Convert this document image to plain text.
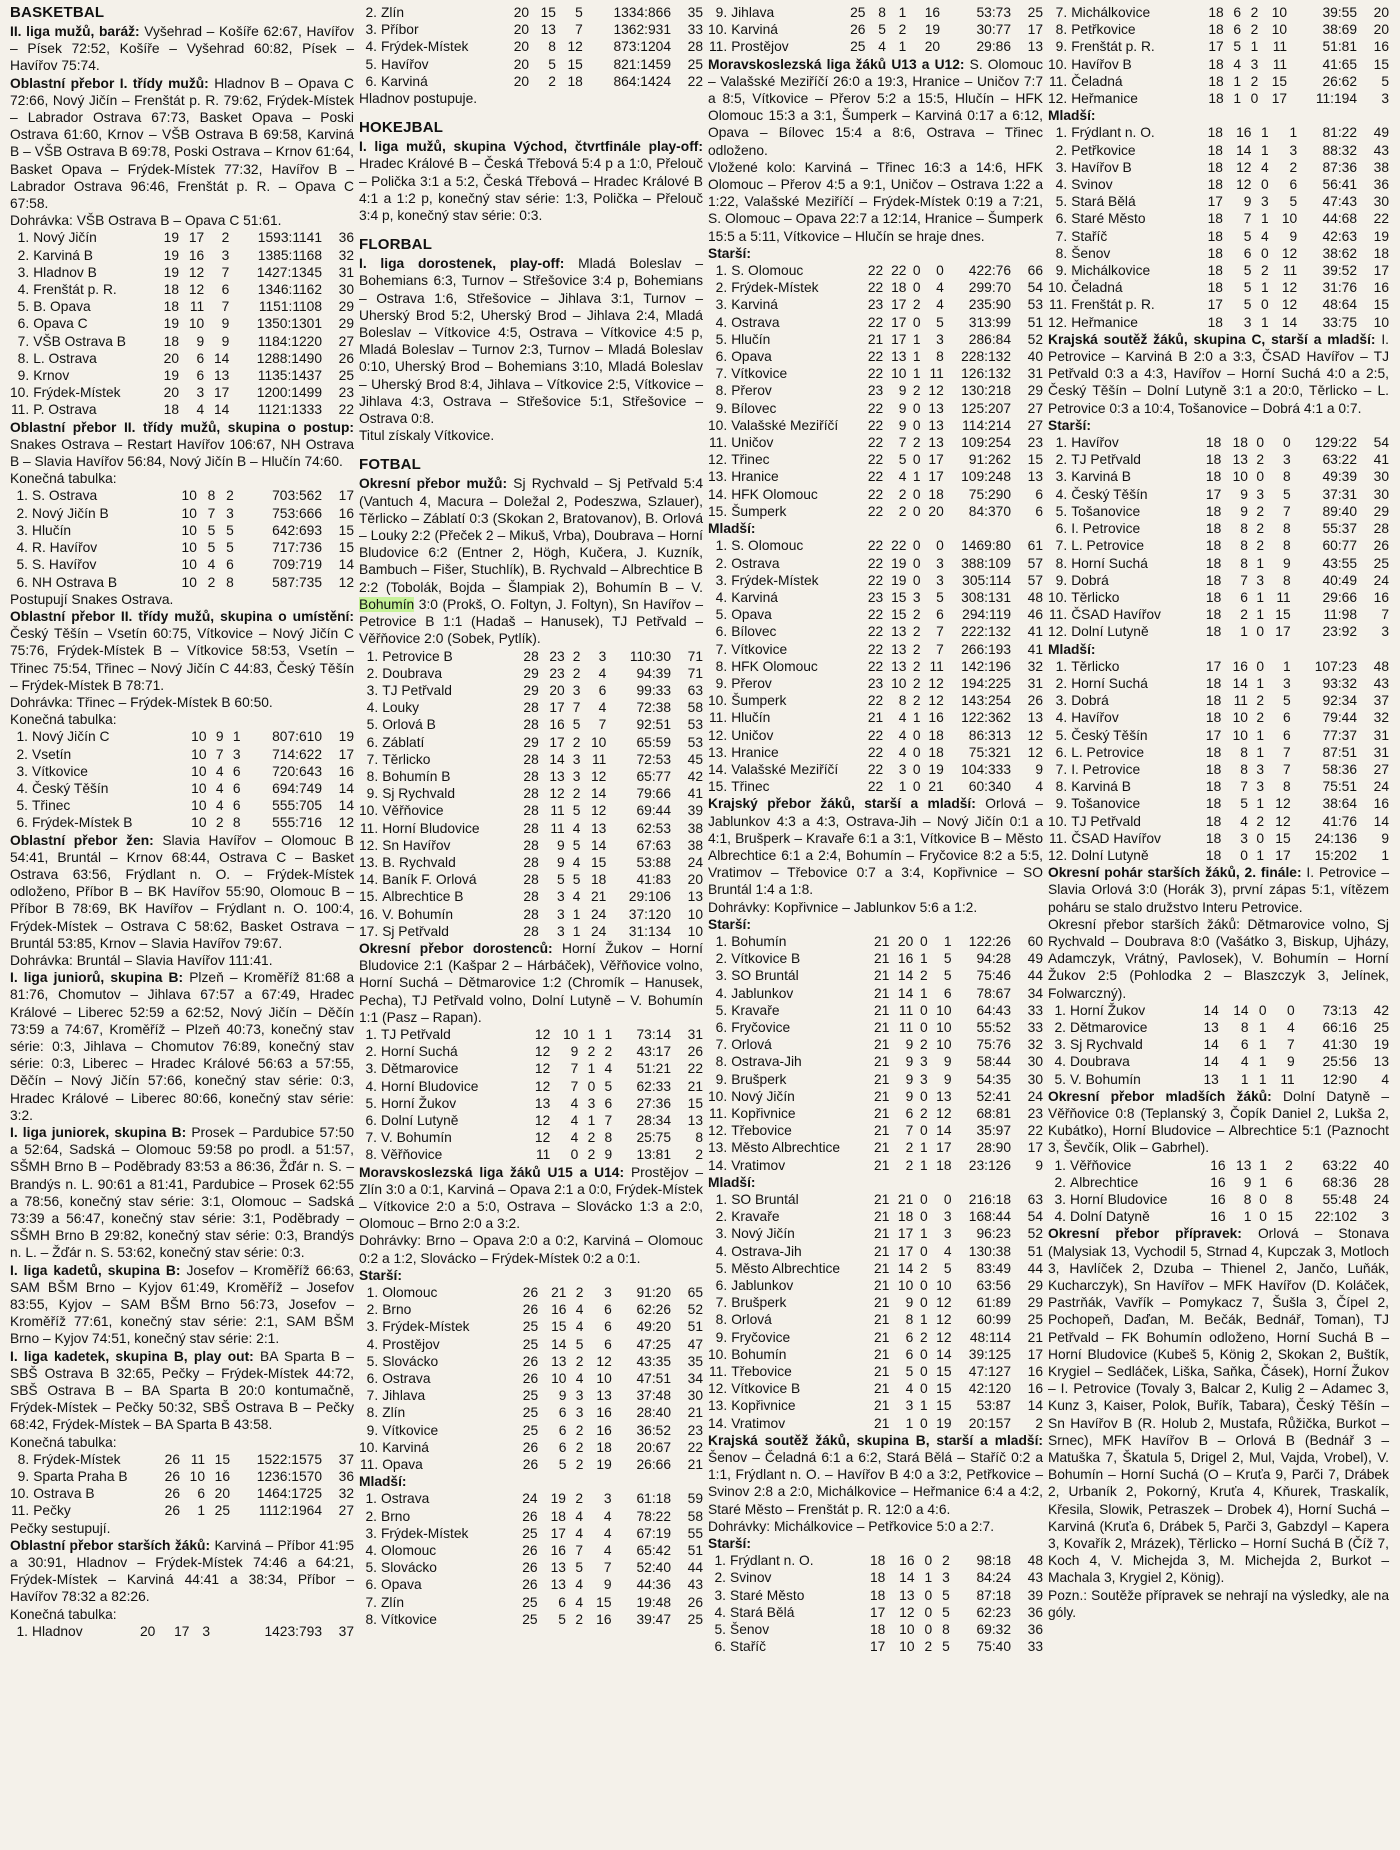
BASKETBAL

II. liga mužů, baráž: Vyšehrad – Košíře 62:67, Havířov – Písek 72:52, Košíře – Vyšehrad 60:82, Písek – Havířov 75:74.

Oblastní přebor I. třídy mužů: Hladnov B – Opava C 72:66, Nový Jičín – Frenštát p. R. 79:62, Frýdek-Místek – Labrador Ostrava 67:73, Basket Opava – Poski Ostrava 61:60, Krnov – VŠB Ostrava B 69:58, Karviná B – VŠB Ostrava B 69:78, Poski Ostrava – Krnov 61:64, Basket Opava – Frýdek-Místek 77:32, Havířov B – Labrador Ostrava 96:46, Frenštát p. R. – Opava C 67:58.

Dohrávka: VŠB Ostrava B – Opava C 51:61.

1.	Nový Jičín	19	17	2	1593:1141	36
2.	Karviná B	19	16	3	1385:1168	32
3.	Hladnov B	19	12	7	1427:1345	31
4.	Frenštát p. R.	18	12	6	1346:1162	30
5.	B. Opava	18	11	7	1151:1108	29
6.	Opava C	19	10	9	1350:1301	29
7.	VŠB Ostrava B	18	9	9	1184:1220	27
8.	L. Ostrava	20	6	14	1288:1490	26
9.	Krnov	19	6	13	1135:1437	25
10.	Frýdek-Místek	20	3	17	1200:1499	23
11.	P. Ostrava	18	4	14	1121:1333	22

Oblastní přebor II. třídy mužů, skupina o postup: Snakes Ostrava – Restart Havířov 106:67, NH Ostrava B – Slavia Havířov 56:84, Nový Jičín B – Hlučín 74:60.

Konečná tabulka:

1.	S. Ostrava	10	8	2	703:562	17
2.	Nový Jičín B	10	7	3	753:666	16
3.	Hlučín	10	5	5	642:693	15
4.	R. Havířov	10	5	5	717:736	15
5.	S. Havířov	10	4	6	709:719	14
6.	NH Ostrava B	10	2	8	587:735	12

Postupují Snakes Ostrava.

Oblastní přebor II. třídy mužů, skupina o umístění: Český Těšín – Vsetín 60:75, Vítkovice – Nový Jičín C 75:76, Frýdek-Místek B – Vítkovice 58:53, Vsetín – Třinec 75:54, Třinec – Nový Jičín C 44:83, Český Těšín – Frýdek-Místek B 78:71.

Dohrávka: Třinec – Frýdek-Místek B 60:50.

Konečná tabulka:

1.	Nový Jičín C	10	9	1	807:610	19
2.	Vsetín	10	7	3	714:622	17
3.	Vítkovice	10	4	6	720:643	16
4.	Český Těšín	10	4	6	694:749	14
5.	Třinec	10	4	6	555:705	14
6.	Frýdek-Místek B	10	2	8	555:716	12

Oblastní přebor žen: Slavia Havířov – Olomouc B 54:41, Bruntál – Krnov 68:44, Ostrava C – Basket Ostrava 63:56, Frýdlant n. O. – Frýdek-Místek odloženo, Příbor B – BK Havířov 55:90, Olomouc B – Příbor B 78:69, BK Havířov – Frýdlant n. O. 100:4, Frýdek-Místek – Ostrava C 58:62, Basket Ostrava – Bruntál 53:85, Krnov – Slavia Havířov 79:67.

Dohrávka: Bruntál – Slavia Havířov 111:41.

I. liga juniorů, skupina B: Plzeň – Kroměříž 81:68 a 81:76, Chomutov – Jihlava 67:57 a 67:49, Hradec Králové – Liberec 52:59 a 62:52, Nový Jičín – Děčín 73:59 a 74:67, Kroměříž – Plzeň 40:73, konečný stav série: 0:3, Jihlava – Chomutov 76:89, konečný stav série: 0:3, Liberec – Hradec Králové 56:63 a 57:55, Děčín – Nový Jičín 57:66, konečný stav série: 0:3, Hradec Králové – Liberec 80:66, konečný stav série: 3:2.

I. liga juniorek, skupina B: Prosek – Pardubice 57:50 a 52:64, Sadská – Olomouc 59:58 po prodl. a 51:57, SŠMH Brno B – Poděbrady 83:53 a 86:36, Žďár n. S. – Brandýs n. L. 90:61 a 81:41, Pardubice – Prosek 62:55 a 78:56, konečný stav série: 3:1, Olomouc – Sadská 73:39 a 56:47, konečný stav série: 3:1, Poděbrady – SŠMH Brno B 29:82, konečný stav série: 0:3, Brandýs n. L. – Žďár n. S. 53:62, konečný stav série: 0:3.

I. liga kadetů, skupina B: Josefov – Kroměříž 66:63, SAM BŠM Brno – Kyjov 61:49, Kroměříž – Josefov 83:55, Kyjov – SAM BŠM Brno 56:73, Josefov – Kroměříž 77:61, konečný stav série: 2:1, SAM BŠM Brno – Kyjov 74:51, konečný stav série: 2:1.

I. liga kadetek, skupina B, play out: BA Sparta B – SBŠ Ostrava B 32:65, Pečky – Frýdek-Místek 44:72, SBŠ Ostrava B – BA Sparta B 20:0 kontumačně, Frýdek-Místek – Pečky 50:32, SBŠ Ostrava B – Pečky 68:42, Frýdek-Místek – BA Sparta B 43:58.

Konečná tabulka:

8.	Frýdek-Místek	26	11	15	1522:1575	37
9.	Sparta Praha B	26	10	16	1236:1570	36
10.	Ostrava B	26	6	20	1464:1725	32
11.	Pečky	26	1	25	1112:1964	27

Pečky sestupují.

Oblastní přebor starších žáků: Karviná – Příbor 41:95 a 30:91, Hladnov – Frýdek-Místek 74:46 a 64:21, Frýdek-Místek – Karviná 44:41 a 38:34, Příbor – Havířov 78:32 a 82:26.

Konečná tabulka:

1.	Hladnov	20	17	3	1423:793	37
2.	Zlín	20	15	5	1334:866	35
3.	Příbor	20	13	7	1362:931	33
4.	Frýdek-Místek	20	8	12	873:1204	28
5.	Havířov	20	5	15	821:1459	25
6.	Karviná	20	2	18	864:1424	22

Hladnov postupuje.

HOKEJBAL

I. liga mužů, skupina Východ, čtvrtfinále play-off: Hradec Králové B – Česká Třebová 5:4 p a 1:0, Přelouč – Polička 3:1 a 5:2, Česká Třebová – Hradec Králové B 4:1 a 1:2 p, konečný stav série: 1:3, Polička – Přelouč 3:4 p, konečný stav série: 0:3.

FLORBAL

I. liga dorostenek, play-off: Mladá Boleslav – Bohemians 6:3, Turnov – Střešovice 3:4 p, Bohemians – Ostrava 1:6, Střešovice – Jihlava 3:1, Turnov – Uherský Brod 5:2, Uherský Brod – Jihlava 2:4, Mladá Boleslav – Vítkovice 4:5, Ostrava – Vítkovice 4:5 p, Mladá Boleslav – Turnov 2:3, Turnov – Mladá Boleslav 0:10, Uherský Brod – Bohemians 3:10, Mladá Boleslav – Uherský Brod 8:4, Jihlava – Vítkovice 2:5, Vítkovice – Jihlava 4:3, Ostrava – Střešovice 5:1, Střešovice – Ostrava 0:8.

Titul získaly Vítkovice.

FOTBAL

Okresní přebor mužů: Sj Rychvald – Sj Petřvald 5:4 (Vantuch 4, Macura – Doležal 2, Podeszwa, Szlauer), Těrlicko – Záblatí 0:3 (Skokan 2, Bratovanov), B. Orlová – Louky 2:2 (Přeček 2 – Mikuš, Vrba), Doubrava – Horní Bludovice 6:2 (Entner 2, Högh, Kučera, J. Kuzník, Bambuch – Fišer, Stuchlík), B. Rychvald – Albrechtice B 2:2 (Tobolák, Bojda – Šlampiak 2), Bohumín B – V. Bohumín 3:0 (Prokš, O. Foltyn, J. Foltyn), Sn Havířov – Petrovice B 1:1 (Hadaš – Hanusek), TJ Petřvald – Věřňovice 2:0 (Sobek, Pytlík).

1.	Petrovice B	28	23	2	3	110:30	71
2.	Doubrava	29	23	2	4	94:39	71
3.	TJ Petřvald	29	20	3	6	99:33	63
4.	Louky	28	17	7	4	72:38	58
5.	Orlová B	28	16	5	7	92:51	53
6.	Záblatí	29	17	2	10	65:59	53
7.	Těrlicko	28	14	3	11	72:53	45
8.	Bohumín B	28	13	3	12	65:77	42
9.	Sj Rychvald	28	12	2	14	79:66	41
10.	Věřňovice	28	11	5	12	69:44	39
11.	Horní Bludovice	28	11	4	13	62:53	38
12.	Sn Havířov	28	9	5	14	67:63	38
13.	B. Rychvald	28	9	4	15	53:88	24
14.	Baník F. Orlová	28	5	5	18	41:83	20
15.	Albrechtice B	28	3	4	21	29:106	13
16.	V. Bohumín	28	3	1	24	37:120	10
17.	Sj Petřvald	28	3	1	24	31:134	10

Okresní přebor dorostenců: Horní Žukov – Horní Bludovice 2:1 (Kašpar 2 – Hárbáček), Věřňovice volno, Horní Suchá – Dětmarovice 1:2 (Chromík – Hanusek, Pecha), TJ Petřvald volno, Dolní Lutyně – V. Bohumín 1:1 (Pasz – Rapan).

1.	TJ Petřvald	12	10	1	1	73:14	31
2.	Horní Suchá	12	9	2	2	43:17	26
3.	Dětmarovice	12	7	1	4	51:21	22
4.	Horní Bludovice	12	7	0	5	62:33	21
5.	Horní Žukov	13	4	3	6	27:36	15
6.	Dolní Lutyně	12	4	1	7	28:34	13
7.	V. Bohumín	12	4	2	8	25:75	8
8.	Věřňovice	11	0	2	9	13:81	2

Moravskoslezská liga žáků U15 a U14: Prostějov – Zlín 3:0 a 0:1, Karviná – Opava 2:1 a 0:0, Frýdek-Místek – Vítkovice 2:0 a 5:0, Ostrava – Slovácko 1:3 a 2:0, Olomouc – Brno 2:0 a 3:2.

Dohrávky: Brno – Opava 2:0 a 0:2, Karviná – Olomouc 0:2 a 1:2, Slovácko – Frýdek-Místek 0:2 a 0:1.

Starší:
1.	Olomouc	26	21	2	3	91:20	65
2.	Brno	26	16	4	6	62:26	52
3.	Frýdek-Místek	25	15	4	6	49:20	51
4.	Prostějov	25	14	5	6	47:25	47
5.	Slovácko	26	13	2	12	43:35	35
6.	Ostrava	26	10	4	10	47:51	34
7.	Jihlava	25	9	3	13	37:48	30
8.	Zlín	25	6	3	16	28:40	21
9.	Vítkovice	25	6	2	16	36:52	23
10.	Karviná	26	6	2	18	20:67	22
11.	Opava	26	5	2	19	26:66	21
Mladší:
1.	Ostrava	24	19	2	3	61:18	59
2.	Brno	26	18	4	4	78:22	58
3.	Frýdek-Místek	25	17	4	4	67:19	55
4.	Olomouc	26	16	7	4	65:42	51
5.	Slovácko	26	13	5	7	52:40	44
6.	Opava	26	13	4	9	44:36	43
7.	Zlín	25	6	4	15	19:48	26
8.	Vítkovice	25	5	2	16	39:47	25
9.	Jihlava	25	8	1	16	53:73	25
10.	Karviná	26	5	2	19	30:77	17
11.	Prostějov	25	4	1	20	29:86	13

Moravskoslezská liga žáků U13 a U12: S. Olomouc – Valašské Meziříčí 26:0 a 19:3, Hranice – Uničov 7:7 a 8:5, Vítkovice – Přerov 5:2 a 15:5, Hlučín – HFK Olomouc 15:3 a 3:1, Šumperk – Karviná 0:17 a 6:12, Opava – Bílovec 15:4 a 8:6, Ostrava – Třinec odloženo.

Vložené kolo: Karviná – Třinec 16:3 a 14:6, HFK Olomouc – Přerov 4:5 a 9:1, Uničov – Ostrava 1:22 a 1:22, Valašské Meziříčí – Frýdek-Místek 0:19 a 7:21, S. Olomouc – Opava 22:7 a 12:14, Hranice – Šumperk 15:5 a 5:11, Vítkovice – Hlučín se hraje dnes.

Starší:
1.	S. Olomouc	22	22	0	0	422:76	66
2.	Frýdek-Místek	22	18	0	4	299:70	54
3.	Karviná	23	17	2	4	235:90	53
4.	Ostrava	22	17	0	5	313:99	51
5.	Hlučín	21	17	1	3	286:84	52
6.	Opava	22	13	1	8	228:132	40
7.	Vítkovice	22	10	1	11	126:132	31
8.	Přerov	23	9	2	12	130:218	29
9.	Bílovec	22	9	0	13	125:207	27
10.	Valašské Meziříčí	22	9	0	13	114:214	27
11.	Uničov	22	7	2	13	109:254	23
12.	Třinec	22	5	0	17	91:262	15
13.	Hranice	22	4	1	17	109:248	13
14.	HFK Olomouc	22	2	0	18	75:290	6
15.	Šumperk	22	2	0	20	84:370	6
Mladší:
1.	S. Olomouc	22	22	0	0	1469:80	61
2.	Ostrava	22	19	0	3	388:109	57
3.	Frýdek-Místek	22	19	0	3	305:114	57
4.	Karviná	23	15	3	5	308:131	48
5.	Opava	22	15	2	6	294:119	46
6.	Bílovec	22	13	2	7	222:132	41
7.	Vítkovice	22	13	2	7	266:193	41
8.	HFK Olomouc	22	13	2	11	142:196	32
9.	Přerov	23	10	2	12	194:225	31
10.	Šumperk	22	8	2	12	143:254	26
11.	Hlučín	21	4	1	16	122:362	13
12.	Uničov	22	4	0	18	86:313	12
13.	Hranice	22	4	0	18	75:321	12
14.	Valašské Meziříčí	22	3	0	19	104:333	9
15.	Třinec	22	1	0	21	60:340	4

Krajský přebor žáků, starší a mladší: Orlová – Jablunkov 4:3 a 4:3, Ostrava-Jih – Nový Jičín 0:1 a 4:1, Brušperk – Kravaře 6:1 a 3:1, Vítkovice B – Město Albrechtice 6:1 a 2:4, Bohumín – Fryčovice 8:2 a 5:5, Vratimov – Třebovice 0:7 a 3:4, Kopřivnice – SO Bruntál 1:4 a 1:8.

Dohrávky: Kopřivnice – Jablunkov 5:6 a 1:2.

Starší:
1.	Bohumín	21	20	0	1	122:26	60
2.	Vítkovice B	21	16	1	5	94:28	49
3.	SO Bruntál	21	14	2	5	75:46	44
4.	Jablunkov	21	14	1	6	78:67	34
5.	Kravaře	21	11	0	10	64:43	33
6.	Fryčovice	21	11	0	10	55:52	33
7.	Orlová	21	9	2	10	75:76	32
8.	Ostrava-Jih	21	9	3	9	58:44	30
9.	Brušperk	21	9	3	9	54:35	30
10.	Nový Jičín	21	9	0	13	52:41	24
11.	Kopřivnice	21	6	2	12	68:81	23
12.	Třebovice	21	7	0	14	35:97	22
13.	Město Albrechtice	21	2	1	17	28:90	17
14.	Vratimov	21	2	1	18	23:126	9
Mladší:
1.	SO Bruntál	21	21	0	0	216:18	63
2.	Kravaře	21	18	0	3	168:44	54
3.	Nový Jičín	21	17	1	3	96:23	52
4.	Ostrava-Jih	21	17	0	4	130:38	51
5.	Město Albrechtice	21	14	2	5	83:49	44
6.	Jablunkov	21	10	0	10	63:56	29
7.	Brušperk	21	9	0	12	61:89	29
8.	Orlová	21	8	1	12	60:99	25
9.	Fryčovice	21	6	2	12	48:114	21
10.	Bohumín	21	6	0	14	39:125	17
11.	Třebovice	21	5	0	15	47:127	16
12.	Vítkovice B	21	4	0	15	42:120	16
13.	Kopřivnice	21	3	1	15	53:87	14
14.	Vratimov	21	1	0	19	20:157	2

Krajská soutěž žáků, skupina B, starší a mladší: Šenov – Čeladná 6:1 a 6:2, Stará Bělá – Staříč 0:2 a 1:1, Frýdlant n. O. – Havířov B 4:0 a 3:2, Petřkovice – Svinov 2:8 a 2:0, Michálkovice – Heřmanice 6:4 a 4:2, Staré Město – Frenštát p. R. 12:0 a 4:6.

Dohrávky: Michálkovice – Petřkovice 5:0 a 2:7.

Starší:
1.	Frýdlant n. O.	18	16	0	2	98:18	48
2.	Svinov	18	14	1	3	84:24	43
3.	Staré Město	18	13	0	5	87:18	39
4.	Stará Bělá	17	12	0	5	62:23	36
5.	Šenov	18	10	0	8	69:32	36
6.	Staříč	17	10	2	5	75:40	33
7.	Michálkovice	18	6	2	10	39:55	20
8.	Petřkovice	18	6	2	10	38:69	20
9.	Frenštát p. R.	17	5	1	11	51:81	16
10.	Havířov B	18	4	3	11	41:65	15
11.	Čeladná	18	1	2	15	26:62	5
12.	Heřmanice	18	1	0	17	11:194	3
Mladší:
1.	Frýdlant n. O.	18	16	1	1	81:22	49
2.	Petřkovice	18	14	1	3	88:32	43
3.	Havířov B	18	12	4	2	87:36	38
4.	Svinov	18	12	0	6	56:41	36
5.	Stará Bělá	17	9	3	5	47:43	30
6.	Staré Město	18	7	1	10	44:68	22
7.	Staříč	18	5	4	9	42:63	19
8.	Šenov	18	6	0	12	38:62	18
9.	Michálkovice	18	5	2	11	39:52	17
10.	Čeladná	18	5	1	12	31:76	16
11.	Frenštát p. R.	17	5	0	12	48:64	15
12.	Heřmanice	18	3	1	14	33:75	10

Krajská soutěž žáků, skupina C, starší a mladší: I. Petrovice – Karviná B 2:0 a 3:3, ČSAD Havířov – TJ Petřvald 0:3 a 4:3, Havířov – Horní Suchá 4:0 a 2:5, Český Těšín – Dolní Lutyně 3:1 a 20:0, Těrlicko – L. Petrovice 0:3 a 10:4, Tošanovice – Dobrá 4:1 a 0:7.

Starší:
1.	Havířov	18	18	0	0	129:22	54
2.	TJ Petřvald	18	13	2	3	63:22	41
3.	Karviná B	18	10	0	8	49:39	30
4.	Český Těšín	17	9	3	5	37:31	30
5.	Tošanovice	18	9	2	7	89:40	29
6.	I. Petrovice	18	8	2	8	55:37	28
7.	L. Petrovice	18	8	2	8	60:77	26
8.	Horní Suchá	18	8	1	9	43:55	25
9.	Dobrá	18	7	3	8	40:49	24
10.	Těrlicko	18	6	1	11	29:66	16
11.	ČSAD Havířov	18	2	1	15	11:98	7
12.	Dolní Lutyně	18	1	0	17	23:92	3
Mladší:
1.	Těrlicko	17	16	0	1	107:23	48
2.	Horní Suchá	18	14	1	3	93:32	43
3.	Dobrá	18	11	2	5	92:34	37
4.	Havířov	18	10	2	6	79:44	32
5.	Český Těšín	17	10	1	6	77:37	31
6.	L. Petrovice	18	8	1	7	87:51	31
7.	I. Petrovice	18	8	3	7	58:36	27
8.	Karviná B	18	7	3	8	75:51	24
9.	Tošanovice	18	5	1	12	38:64	16
10.	TJ Petřvald	18	4	2	12	41:76	14
11.	ČSAD Havířov	18	3	0	15	24:136	9
12.	Dolní Lutyně	18	0	1	17	15:202	1

Okresní pohár starších žáků, 2. finále: I. Petrovice – Slavia Orlová 3:0 (Horák 3), první zápas 5:1, vítězem poháru se stalo družstvo Interu Petrovice.

Okresní přebor starších žáků: Dětmarovice volno, Sj Rychvald – Doubrava 8:0 (Vašátko 3, Biskup, Ujházy, Adamczyk, Vrátný, Pavlosek), V. Bohumín – Horní Žukov 2:5 (Pohlodka 2 – Blaszczyk 3, Jelínek, Folwarczný).

1.	Horní Žukov	14	14	0	0	73:13	42
2.	Dětmarovice	13	8	1	4	66:16	25
3.	Sj Rychvald	14	6	1	7	41:30	19
4.	Doubrava	14	4	1	9	25:56	13
5.	V. Bohumín	13	1	1	11	12:90	4

Okresní přebor mladších žáků: Dolní Datyně – Věřňovice 0:8 (Teplanský 3, Čopík Daniel 2, Lukša 2, Kubátko), Horní Bludovice – Albrechtice 5:1 (Paznocht 3, Ševčík, Olik – Gabrhel).

1.	Věřňovice	16	13	1	2	63:22	40
2.	Albrechtice	16	9	1	6	68:36	28
3.	Horní Bludovice	16	8	0	8	55:48	24
4.	Dolní Datyně	16	1	0	15	22:102	3

Okresní přebor přípravek: Orlová – Stonava (Malysiak 13, Vychodil 5, Strnad 4, Kupczak 3, Motloch 3, Havlíček 2, Dzuba – Thienel 2, Jančo, Luňák, Kucharczyk), Sn Havířov – MFK Havířov (D. Koláček, Pastrňák, Vavřík – Pomykacz 7, Šušla 3, Čípel 2, Pochopeň, Daďan, M. Bečák, Bednář, Toman), TJ Petřvald – FK Bohumín odloženo, Horní Suchá B – Horní Bludovice (Kubeš 5, König 2, Skokan 2, Buštík, Krygiel – Sedláček, Liška, Saňka, Čásek), Horní Žukov – I. Petrovice (Tovaly 3, Balcar 2, Kulig 2 – Adamec 3, Kunz 3, Kaiser, Polok, Buřík, Tabara), Český Těšín – Sn Havířov B (R. Holub 2, Mustafa, Růžička, Burkot – Srnec), MFK Havířov B – Orlová B (Bednář 3 – Matuška 7, Škatula 5, Drigel 2, Mul, Vajda, Vrobel), V. Bohumín – Horní Suchá (O – Kruťa 9, Parči 7, Drábek 2, Urbaník 2, Pokorný, Kruťa 4, Kňurek, Traskalík, Křesila, Slowik, Petraszek – Drobek 4), Horní Suchá – Karviná (Kruťa 6, Drábek 5, Parči 3, Gabzdyl – Kapera 3, Kovařík 2, Mrázek), Těrlicko – Horní Suchá B (Číž 7, Koch 4, V. Michejda 3, M. Michejda 2, Burkot – Machala 3, Krygiel 2, König).

Pozn.: Soutěže přípravek se nehrají na výsledky, ale na góly.
